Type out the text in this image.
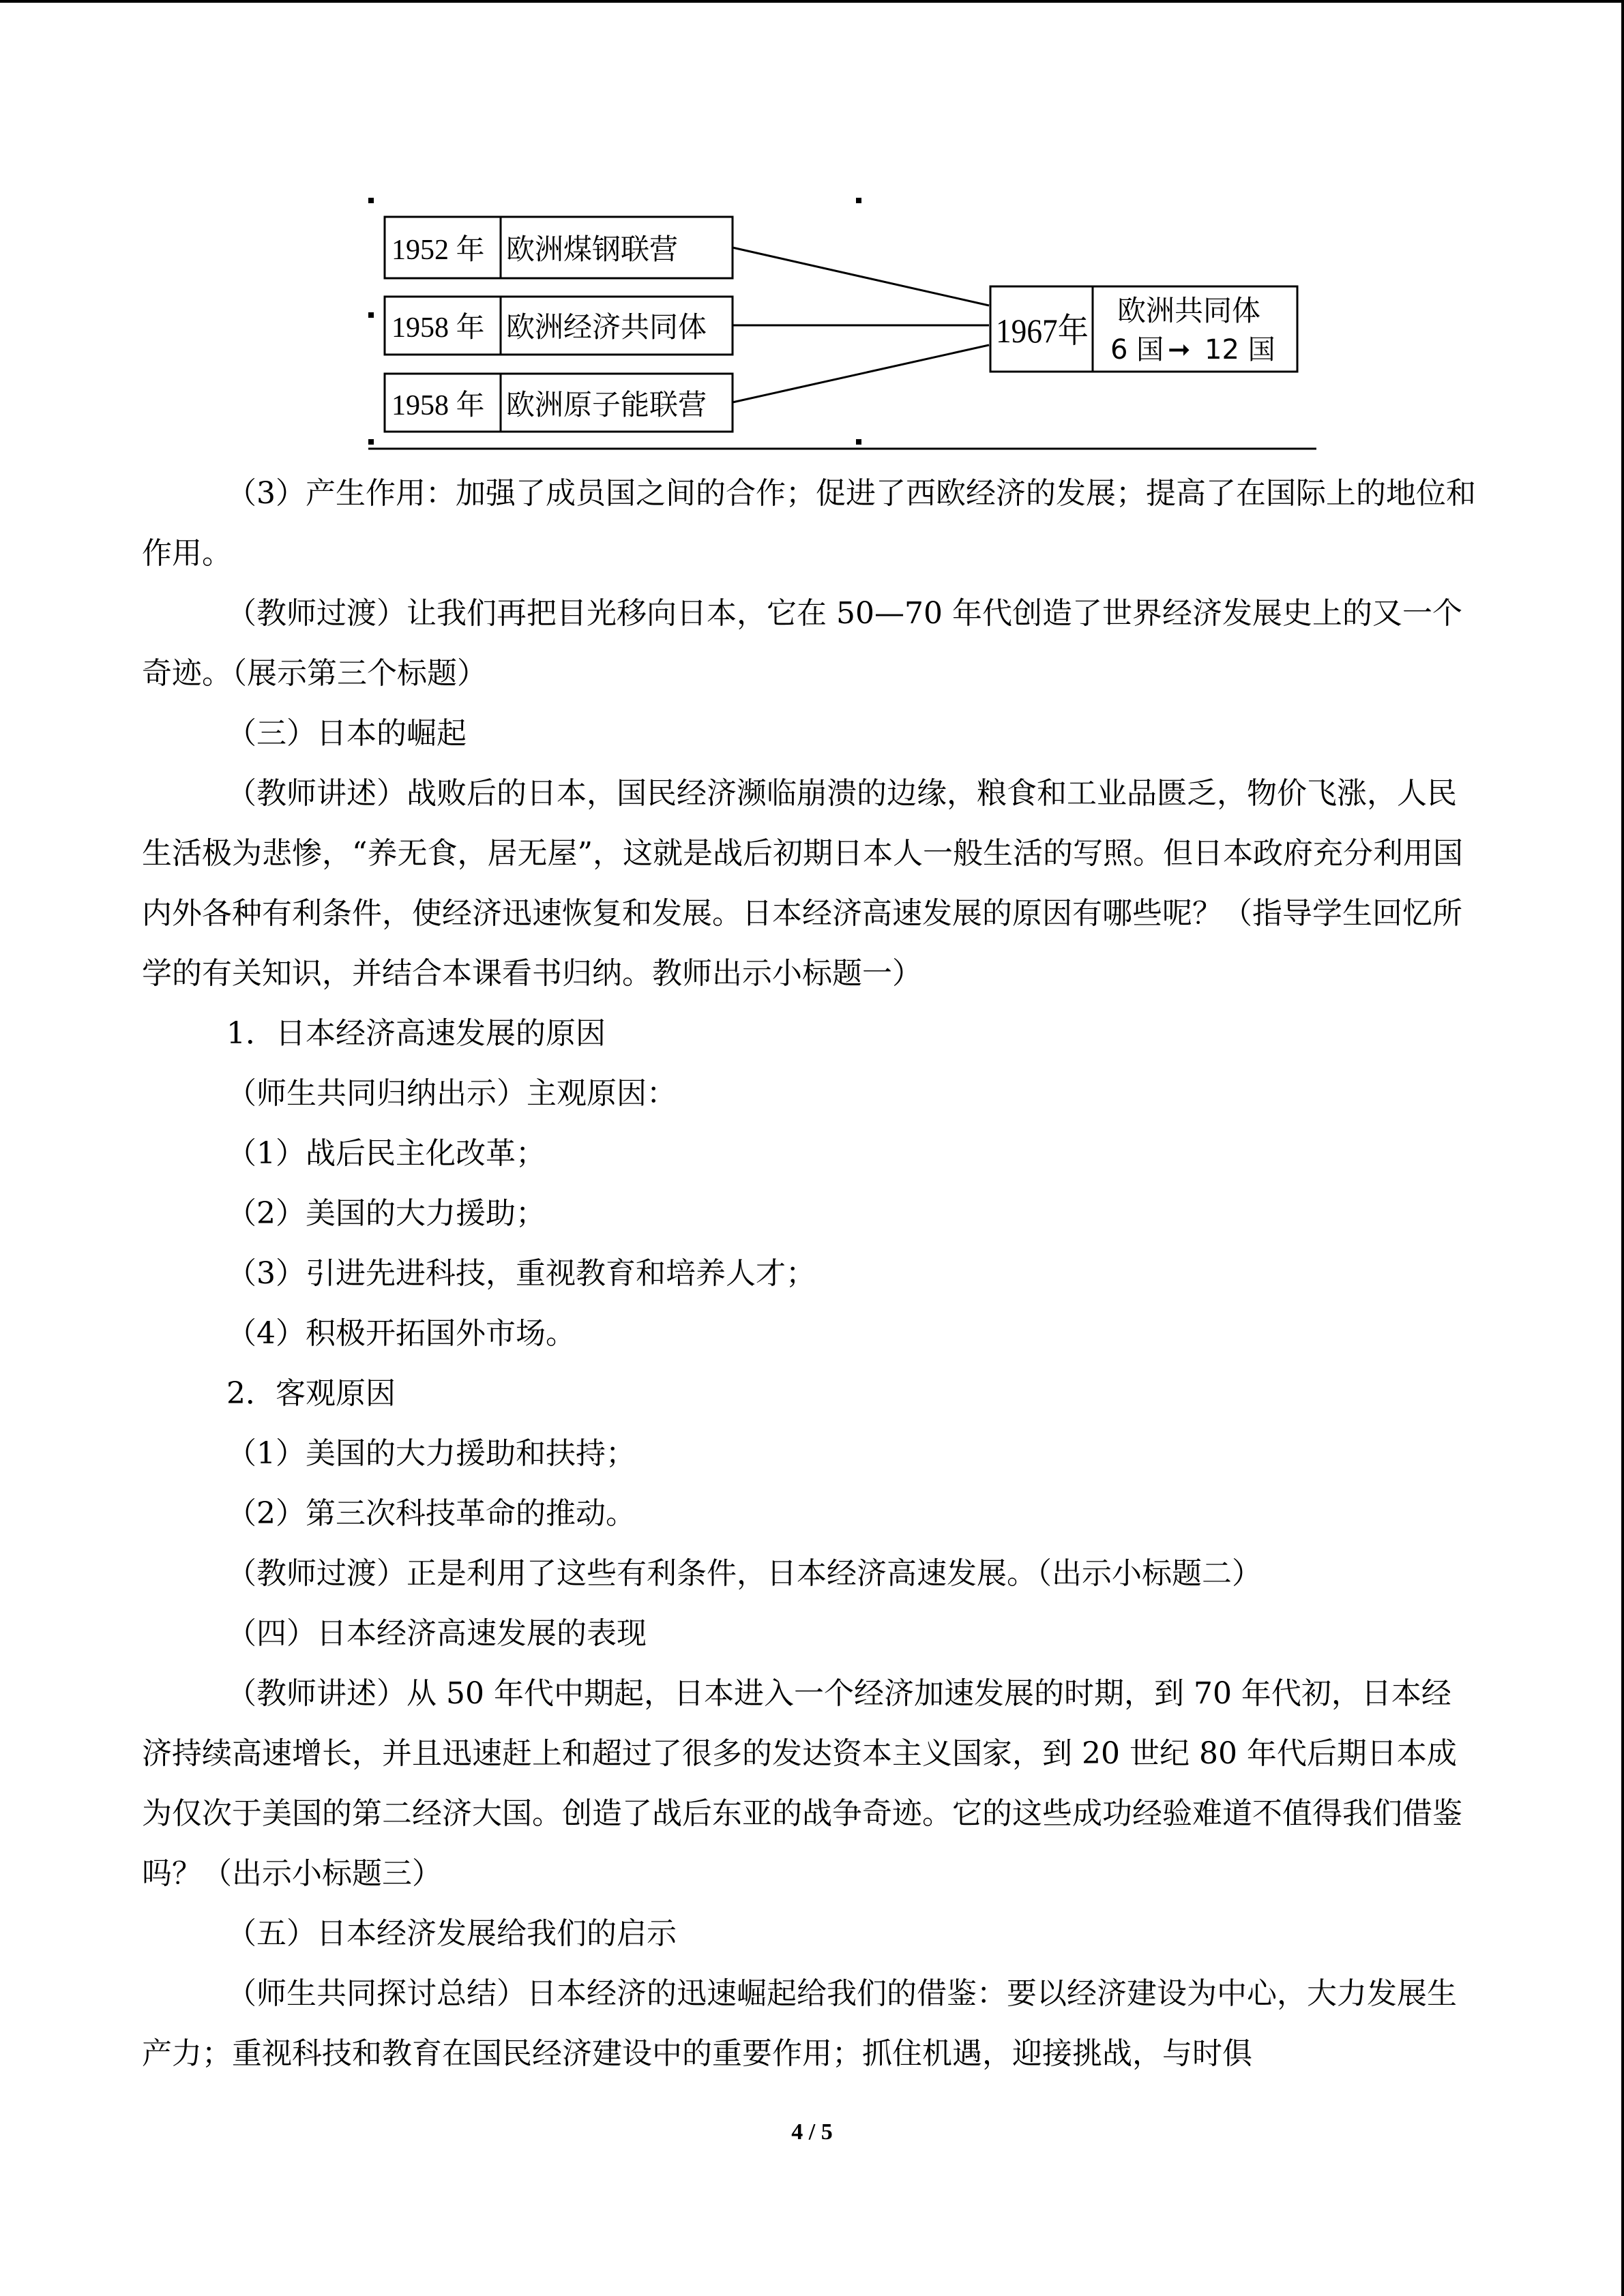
1952 年 欧洲煤钢联营
1958 年 欧洲经济共同体
1958 年 欧洲原子能联营
1967年
欧洲共同体
6 国 ➞ 12 国

（3）产生作用：加强了成员国之间的合作；促进了西欧经济的发展；提高了在国际上的地位和作用。

（教师过渡）让我们再把目光移向日本，它在 50—70 年代创造了世界经济发展史上的又一个奇迹。（展示第三个标题）

（三）日本的崛起

（教师讲述）战败后的日本，国民经济濒临崩溃的边缘，粮食和工业品匮乏，物价飞涨，人民生活极为悲惨，“养无食，居无屋”，这就是战后初期日本人一般生活的写照。但日本政府充分利用国内外各种有利条件，使经济迅速恢复和发展。日本经济高速发展的原因有哪些呢？（指导学生回忆所学的有关知识，并结合本课看书归纳。教师出示小标题一）

1．日本经济高速发展的原因

（师生共同归纳出示）主观原因：

（1）战后民主化改革；

（2）美国的大力援助；

（3）引进先进科技，重视教育和培养人才；

（4）积极开拓国外市场。

2．客观原因

（1）美国的大力援助和扶持；

（2）第三次科技革命的推动。

（教师过渡）正是利用了这些有利条件，日本经济高速发展。（出示小标题二）

（四）日本经济高速发展的表现

（教师讲述）从 50 年代中期起，日本进入一个经济加速发展的时期，到 70 年代初，日本经济持续高速增长，并且迅速赶上和超过了很多的发达资本主义国家，到 20 世纪 80 年代后期日本成为仅次于美国的第二经济大国。创造了战后东亚的战争奇迹。它的这些成功经验难道不值得我们借鉴吗？（出示小标题三）

（五）日本经济发展给我们的启示

（师生共同探讨总结）日本经济的迅速崛起给我们的借鉴：要以经济建设为中心，大力发展生产力；重视科技和教育在国民经济建设中的重要作用；抓住机遇，迎接挑战，与时俱

4 / 5
